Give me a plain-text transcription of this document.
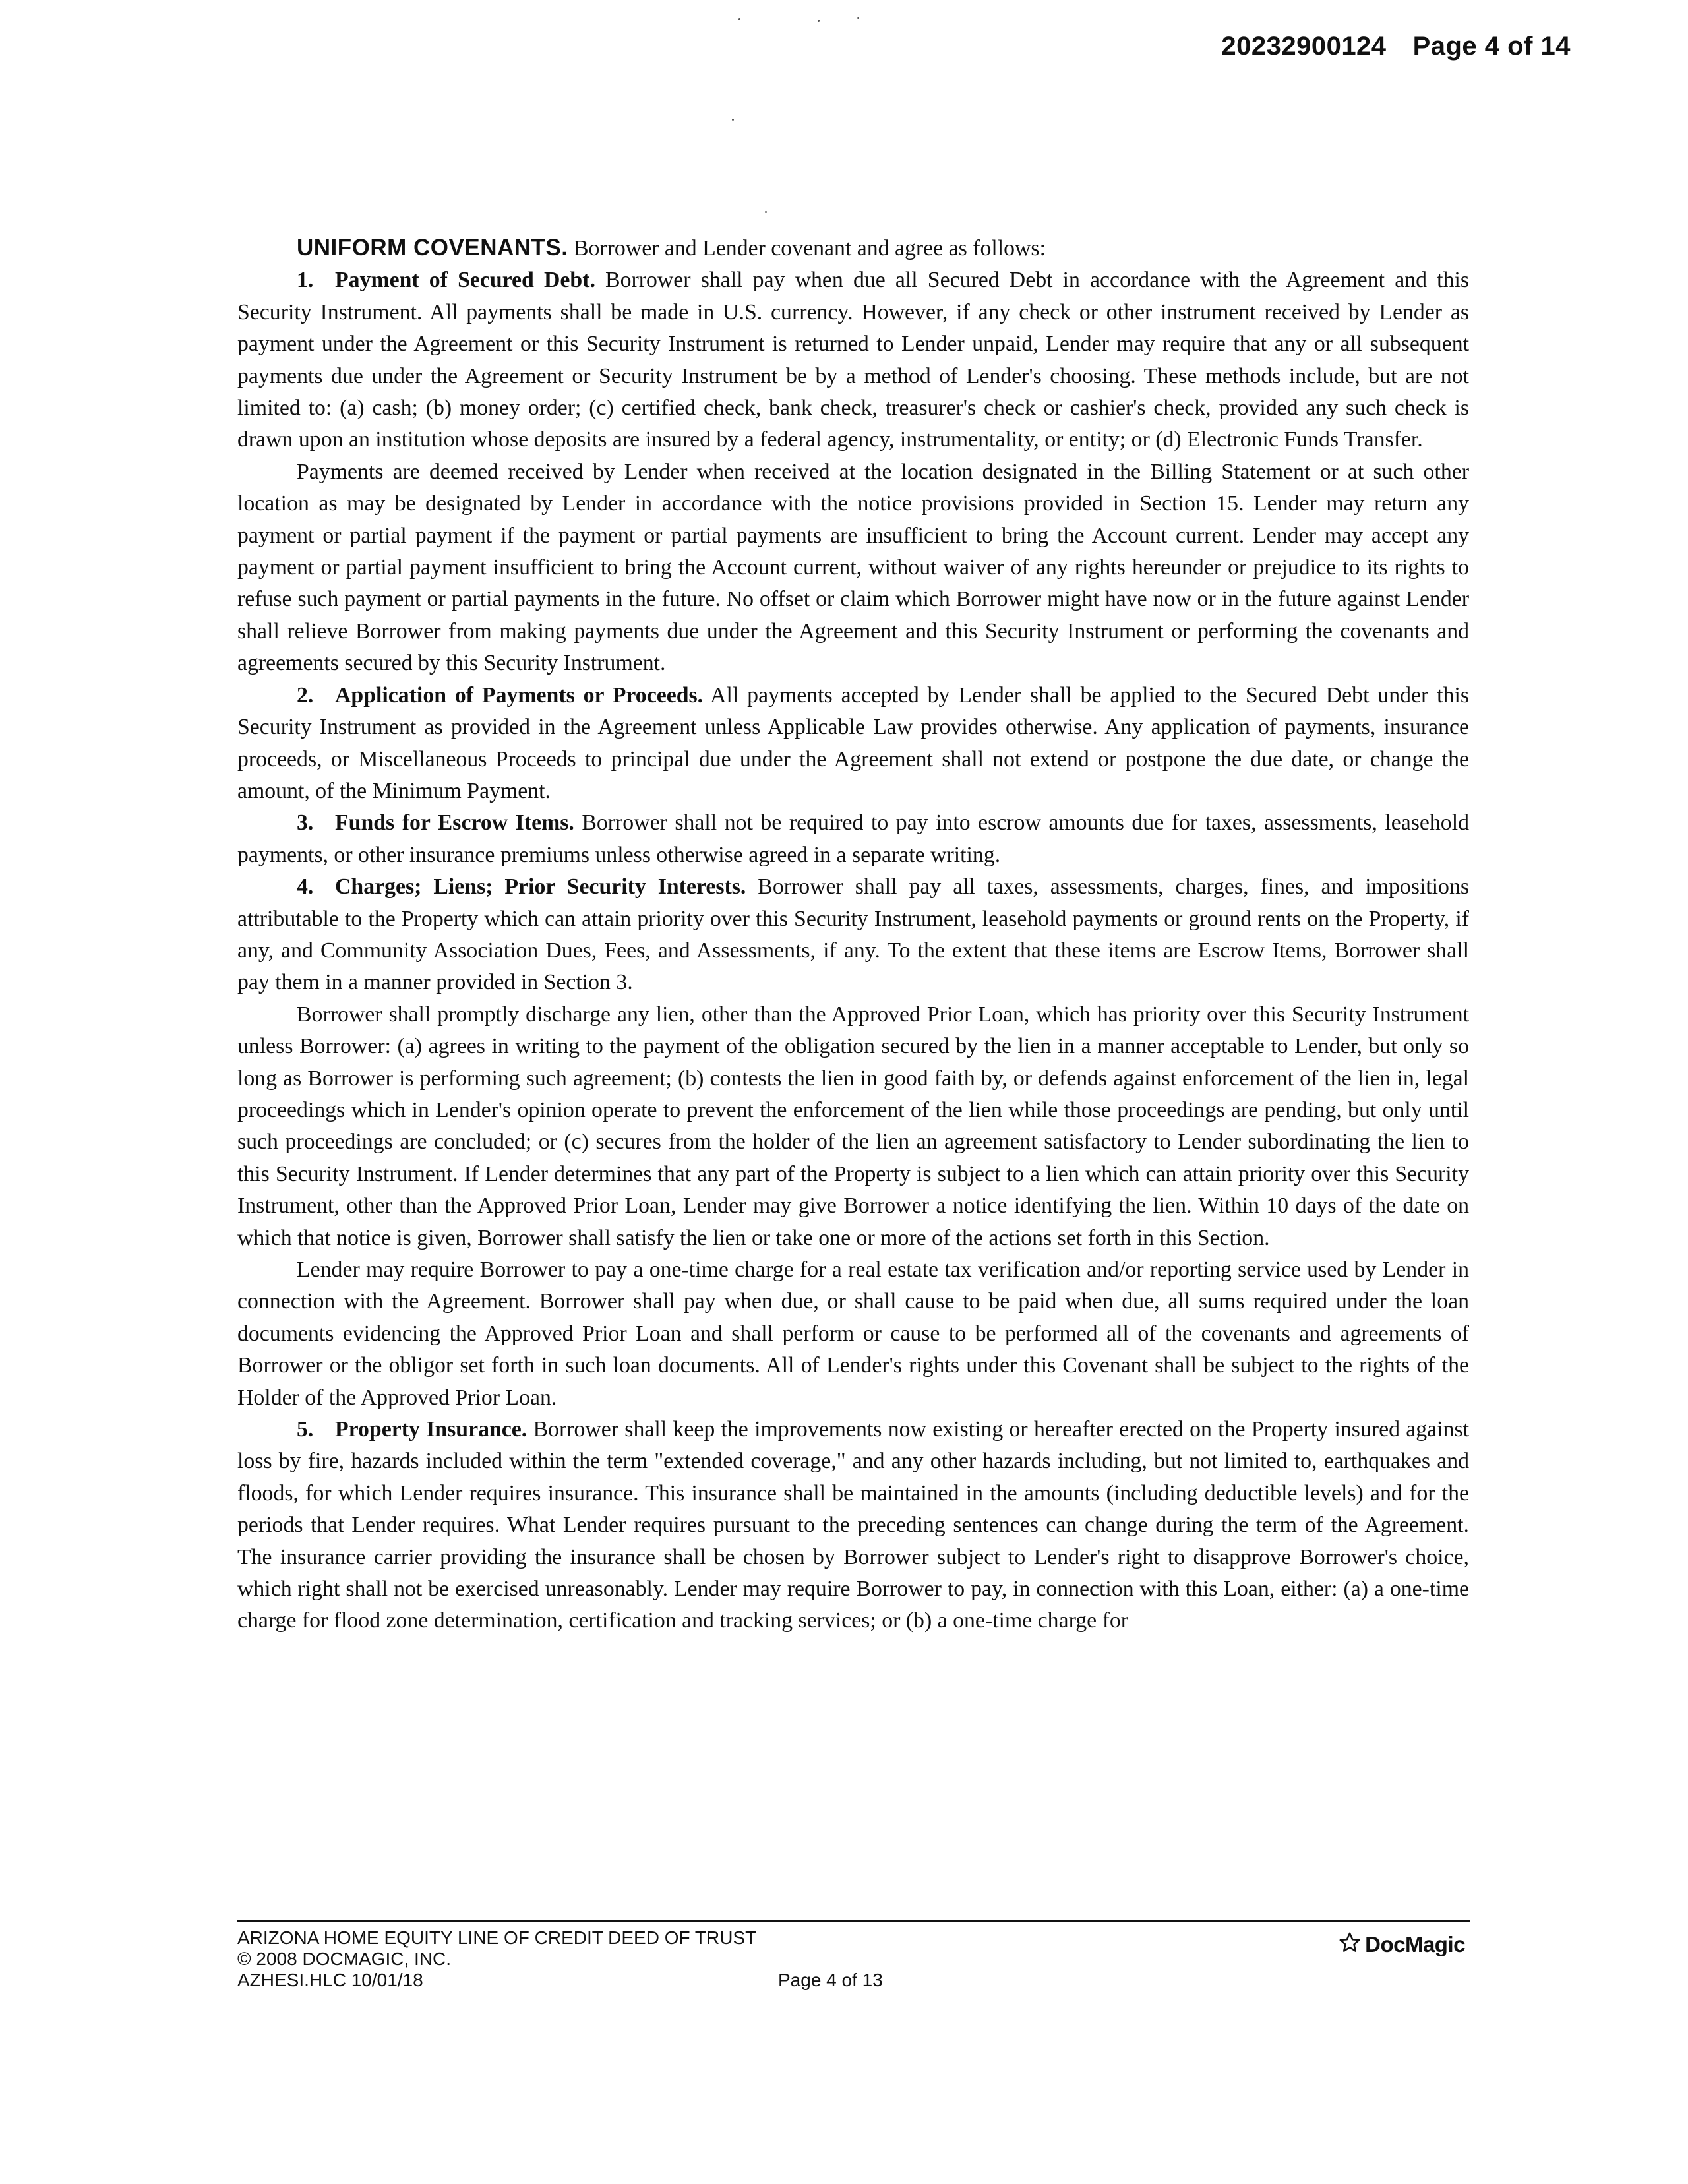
20232900124 Page 4 of 14

UNIFORM COVENANTS. Borrower and Lender covenant and agree as follows:

1. Payment of Secured Debt. Borrower shall pay when due all Secured Debt in accordance with the Agreement and this Security Instrument. All payments shall be made in U.S. currency. However, if any check or other instrument received by Lender as payment under the Agreement or this Security Instrument is returned to Lender unpaid, Lender may require that any or all subsequent payments due under the Agreement or Security Instrument be by a method of Lender's choosing. These methods include, but are not limited to: (a) cash; (b) money order; (c) certified check, bank check, treasurer's check or cashier's check, provided any such check is drawn upon an institution whose deposits are insured by a federal agency, instrumentality, or entity; or (d) Electronic Funds Transfer.

Payments are deemed received by Lender when received at the location designated in the Billing Statement or at such other location as may be designated by Lender in accordance with the notice provisions provided in Section 15. Lender may return any payment or partial payment if the payment or partial payments are insufficient to bring the Account current. Lender may accept any payment or partial payment insufficient to bring the Account current, without waiver of any rights hereunder or prejudice to its rights to refuse such payment or partial payments in the future. No offset or claim which Borrower might have now or in the future against Lender shall relieve Borrower from making payments due under the Agreement and this Security Instrument or performing the covenants and agreements secured by this Security Instrument.

2. Application of Payments or Proceeds. All payments accepted by Lender shall be applied to the Secured Debt under this Security Instrument as provided in the Agreement unless Applicable Law provides otherwise. Any application of payments, insurance proceeds, or Miscellaneous Proceeds to principal due under the Agreement shall not extend or postpone the due date, or change the amount, of the Minimum Payment.

3. Funds for Escrow Items. Borrower shall not be required to pay into escrow amounts due for taxes, assessments, leasehold payments, or other insurance premiums unless otherwise agreed in a separate writing.

4. Charges; Liens; Prior Security Interests. Borrower shall pay all taxes, assessments, charges, fines, and impositions attributable to the Property which can attain priority over this Security Instrument, leasehold payments or ground rents on the Property, if any, and Community Association Dues, Fees, and Assessments, if any. To the extent that these items are Escrow Items, Borrower shall pay them in a manner provided in Section 3.

Borrower shall promptly discharge any lien, other than the Approved Prior Loan, which has priority over this Security Instrument unless Borrower: (a) agrees in writing to the payment of the obligation secured by the lien in a manner acceptable to Lender, but only so long as Borrower is performing such agreement; (b) contests the lien in good faith by, or defends against enforcement of the lien in, legal proceedings which in Lender's opinion operate to prevent the enforcement of the lien while those proceedings are pending, but only until such proceedings are concluded; or (c) secures from the holder of the lien an agreement satisfactory to Lender subordinating the lien to this Security Instrument. If Lender determines that any part of the Property is subject to a lien which can attain priority over this Security Instrument, other than the Approved Prior Loan, Lender may give Borrower a notice identifying the lien. Within 10 days of the date on which that notice is given, Borrower shall satisfy the lien or take one or more of the actions set forth in this Section.

Lender may require Borrower to pay a one-time charge for a real estate tax verification and/or reporting service used by Lender in connection with the Agreement. Borrower shall pay when due, or shall cause to be paid when due, all sums required under the loan documents evidencing the Approved Prior Loan and shall perform or cause to be performed all of the covenants and agreements of Borrower or the obligor set forth in such loan documents. All of Lender's rights under this Covenant shall be subject to the rights of the Holder of the Approved Prior Loan.

5. Property Insurance. Borrower shall keep the improvements now existing or hereafter erected on the Property insured against loss by fire, hazards included within the term "extended coverage," and any other hazards including, but not limited to, earthquakes and floods, for which Lender requires insurance. This insurance shall be maintained in the amounts (including deductible levels) and for the periods that Lender requires. What Lender requires pursuant to the preceding sentences can change during the term of the Agreement. The insurance carrier providing the insurance shall be chosen by Borrower subject to Lender's right to disapprove Borrower's choice, which right shall not be exercised unreasonably. Lender may require Borrower to pay, in connection with this Loan, either: (a) a one-time charge for flood zone determination, certification and tracking services; or (b) a one-time charge for

ARIZONA HOME EQUITY LINE OF CREDIT DEED OF TRUST
© 2008 DOCMAGIC, INC.
AZHESI.HLC 10/01/18	Page 4 of 13
DocMagic
